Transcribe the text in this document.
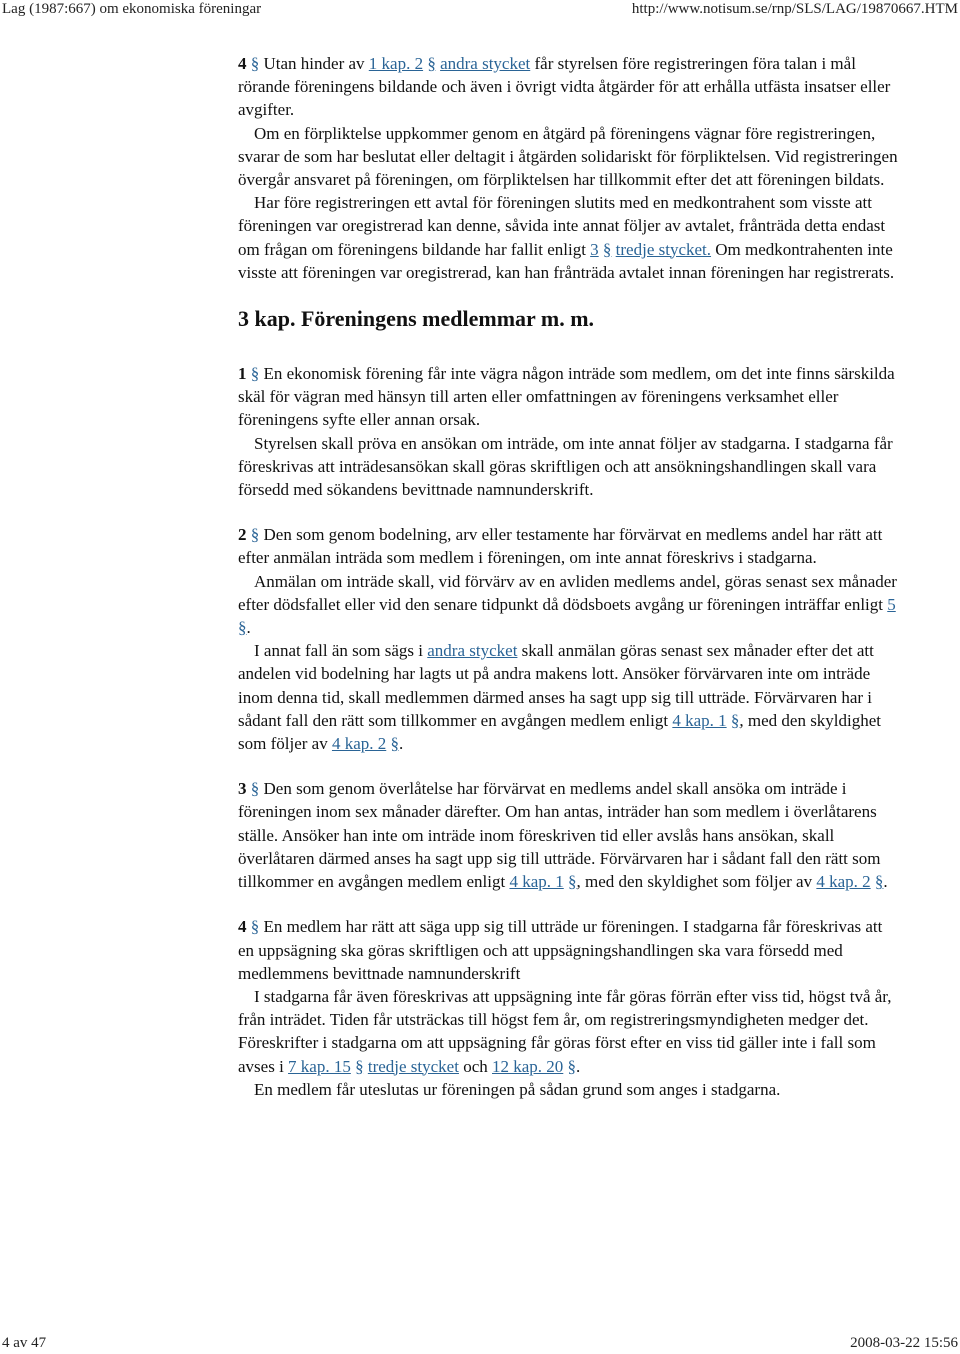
Lag (1987:667) om ekonomiska föreningar	http://www.notisum.se/rnp/SLS/LAG/19870667.HTM

4 § Utan hinder av 1 kap. 2 § andra stycket får styrelsen före registreringen föra talan i mål rörande föreningens bildande och även i övrigt vidta åtgärder för att erhålla utfästa insatser eller avgifter.

Om en förpliktelse uppkommer genom en åtgärd på föreningens vägnar före registreringen, svarar de som har beslutat eller deltagit i åtgärden solidariskt för förpliktelsen. Vid registreringen övergår ansvaret på föreningen, om förpliktelsen har tillkommit efter det att föreningen bildats.

Har före registreringen ett avtal för föreningen slutits med en medkontrahent som visste att föreningen var oregistrerad kan denne, såvida inte annat följer av avtalet, frånträda detta endast om frågan om föreningens bildande har fallit enligt 3 § tredje stycket. Om medkontrahenten inte visste att föreningen var oregistrerad, kan han frånträda avtalet innan föreningen har registrerats.

3 kap. Föreningens medlemmar m. m.

1 § En ekonomisk förening får inte vägra någon inträde som medlem, om det inte finns särskilda skäl för vägran med hänsyn till arten eller omfattningen av föreningens verksamhet eller föreningens syfte eller annan orsak.

Styrelsen skall pröva en ansökan om inträde, om inte annat följer av stadgarna. I stadgarna får föreskrivas att inträdesansökan skall göras skriftligen och att ansökningshandlingen skall vara försedd med sökandens bevittnade namnunderskrift.

2 § Den som genom bodelning, arv eller testamente har förvärvat en medlems andel har rätt att efter anmälan inträda som medlem i föreningen, om inte annat föreskrivs i stadgarna.

Anmälan om inträde skall, vid förvärv av en avliden medlems andel, göras senast sex månader efter dödsfallet eller vid den senare tidpunkt då dödsboets avgång ur föreningen inträffar enligt 5 §.

I annat fall än som sägs i andra stycket skall anmälan göras senast sex månader efter det att andelen vid bodelning har lagts ut på andra makens lott. Ansöker förvärvaren inte om inträde inom denna tid, skall medlemmen därmed anses ha sagt upp sig till utträde. Förvärvaren har i sådant fall den rätt som tillkommer en avgången medlem enligt 4 kap. 1 §, med den skyldighet som följer av 4 kap. 2 §.

3 § Den som genom överlåtelse har förvärvat en medlems andel skall ansöka om inträde i föreningen inom sex månader därefter. Om han antas, inträder han som medlem i överlåtarens ställe. Ansöker han inte om inträde inom föreskriven tid eller avslås hans ansökan, skall överlåtaren därmed anses ha sagt upp sig till utträde. Förvärvaren har i sådant fall den rätt som tillkommer en avgången medlem enligt 4 kap. 1 §, med den skyldighet som följer av 4 kap. 2 §.

4 § En medlem har rätt att säga upp sig till utträde ur föreningen. I stadgarna får föreskrivas att en uppsägning ska göras skriftligen och att uppsägningshandlingen ska vara försedd med medlemmens bevittnade namnunderskrift

I stadgarna får även föreskrivas att uppsägning inte får göras förrän efter viss tid, högst två år, från inträdet. Tiden får utsträckas till högst fem år, om registreringsmyndigheten medger det. Föreskrifter i stadgarna om att uppsägning får göras först efter en viss tid gäller inte i fall som avses i 7 kap. 15 § tredje stycket och 12 kap. 20 §.

En medlem får uteslutas ur föreningen på sådan grund som anges i stadgarna.

4 av 47	2008-03-22 15:56
